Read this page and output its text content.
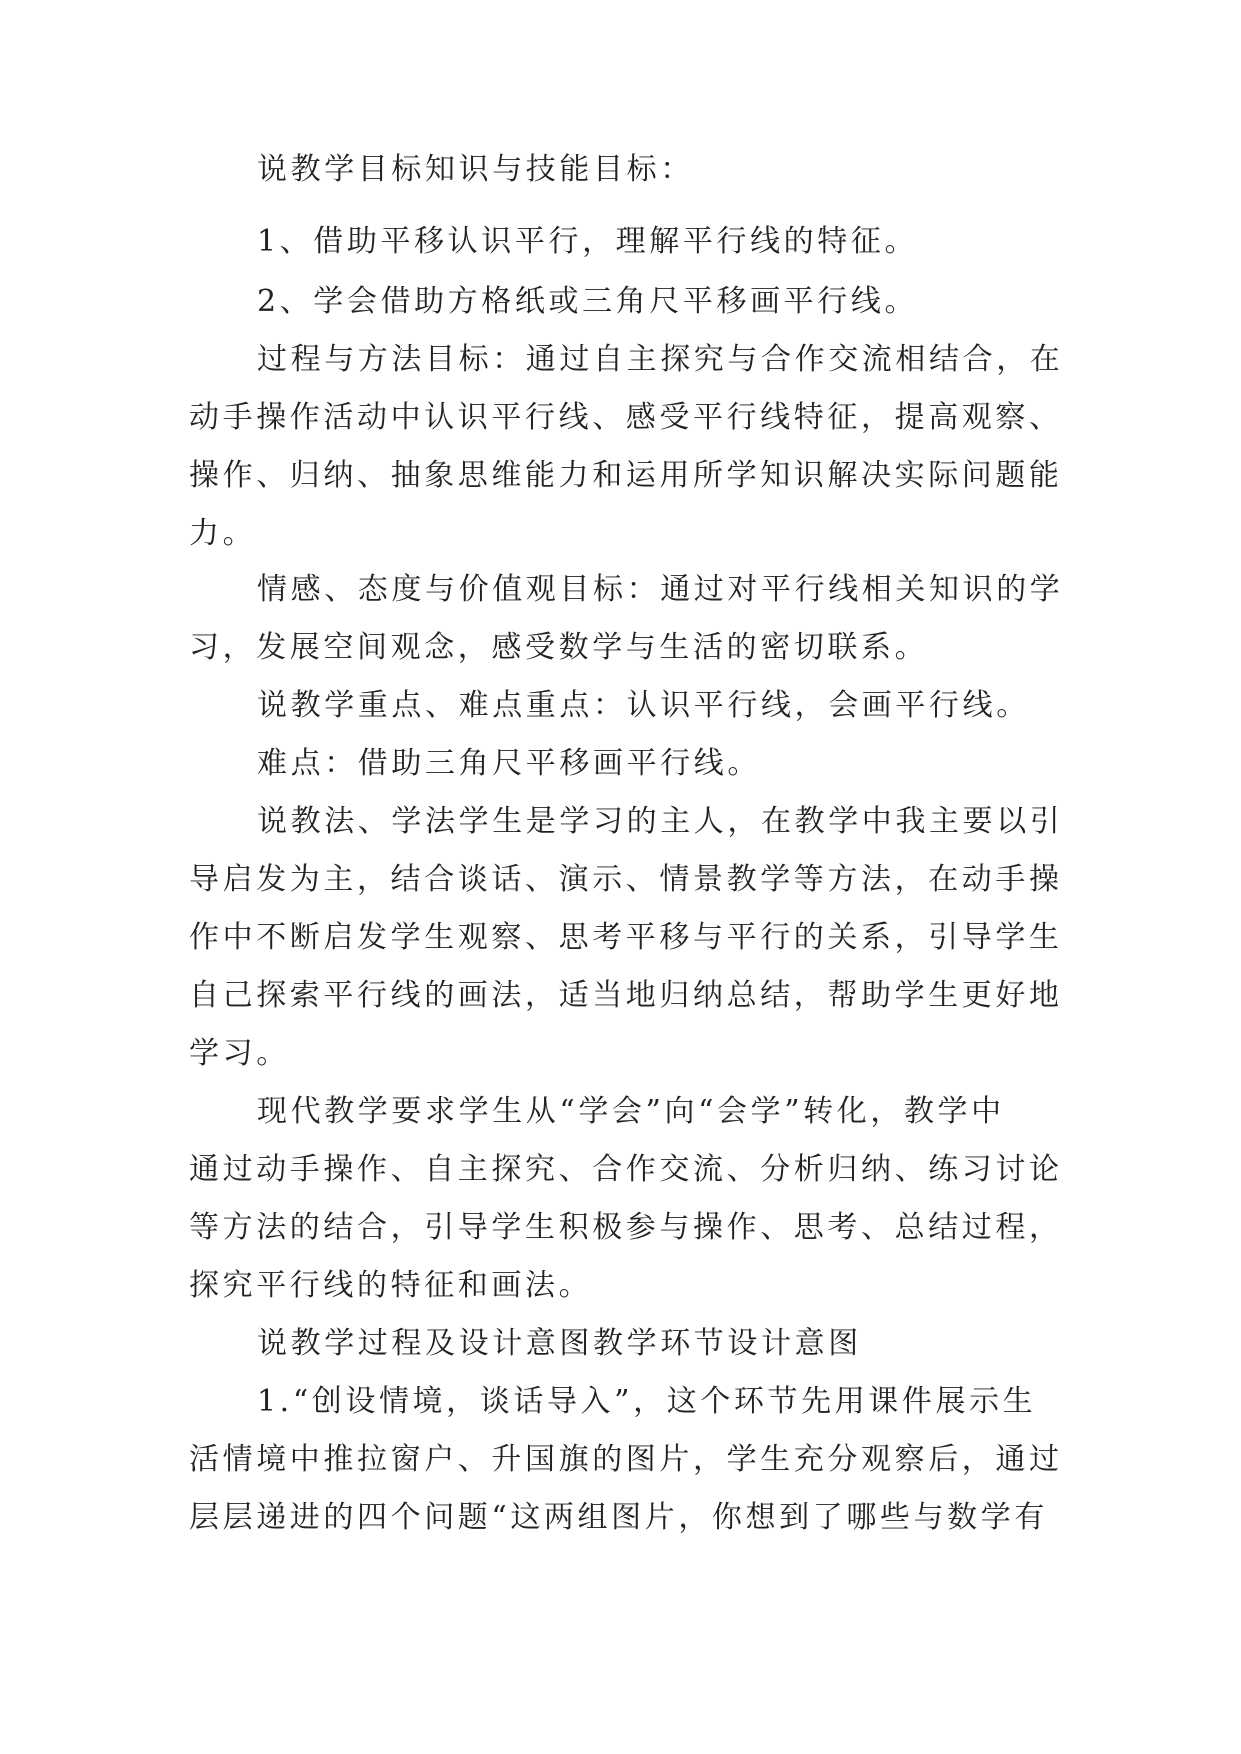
说教学目标知识与技能目标：
1、借助平移认识平行，理解平行线的特征。
2、学会借助方格纸或三角尺平移画平行线。
过程与方法目标：通过自主探究与合作交流相结合，在
动手操作活动中认识平行线、感受平行线特征，提高观察、
操作、归纳、抽象思维能力和运用所学知识解决实际问题能
力。
情感、态度与价值观目标：通过对平行线相关知识的学
习，发展空间观念，感受数学与生活的密切联系。
说教学重点、难点重点：认识平行线，会画平行线。
难点：借助三角尺平移画平行线。
说教法、学法学生是学习的主人，在教学中我主要以引
导启发为主，结合谈话、演示、情景教学等方法，在动手操
作中不断启发学生观察、思考平移与平行的关系，引导学生
自己探索平行线的画法，适当地归纳总结，帮助学生更好地
学习。
现代教学要求学生从“学会”向“会学”转化，教学中
通过动手操作、自主探究、合作交流、分析归纳、练习讨论
等方法的结合，引导学生积极参与操作、思考、总结过程，
探究平行线的特征和画法。
说教学过程及设计意图教学环节设计意图
1.“创设情境，谈话导入”，这个环节先用课件展示生
活情境中推拉窗户、升国旗的图片，学生充分观察后，通过
层层递进的四个问题“这两组图片，你想到了哪些与数学有
